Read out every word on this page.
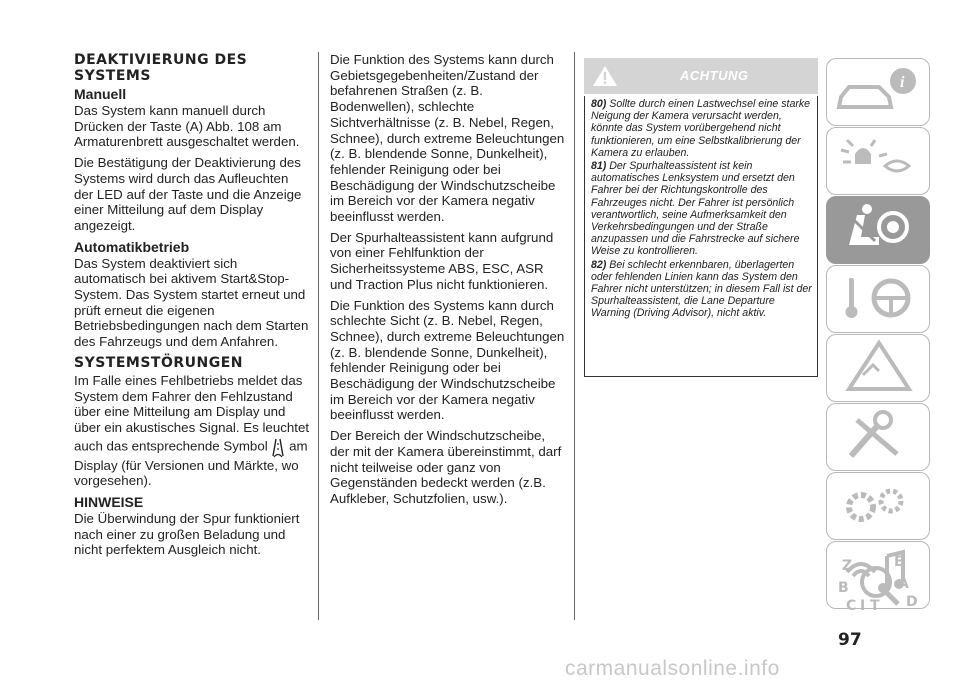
DEAKTIVIERUNG DES SYSTEMS
Manuell

Das System kann manuell durch Drücken der Taste (A) Abb. 108 am Armaturenbrett ausgeschaltet werden.

Die Bestätigung der Deaktivierung des Systems wird durch das Aufleuchten der LED auf der Taste und die Anzeige einer Mitteilung auf dem Display angezeigt.

Automatikbetrieb

Das System deaktiviert sich automatisch bei aktivem Start&Stop-System. Das System startet erneut und prüft erneut die eigenen Betriebsbedingungen nach dem Starten des Fahrzeugs und dem Anfahren.

SYSTEMSTÖRUNGEN

Im Falle eines Fehlbetriebs meldet das System dem Fahrer den Fehlzustand über eine Mitteilung am Display und über ein akustisches Signal. Es leuchtet auch das entsprechende Symbol am Display (für Versionen und Märkte, wo vorgesehen).

HINWEISE

Die Überwindung der Spur funktioniert nach einer zu großen Beladung und nicht perfektem Ausgleich nicht.

Die Funktion des Systems kann durch Gebietsgegebenheiten/Zustand der befahrenen Straßen (z. B. Bodenwellen), schlechte Sichtverhältnisse (z. B. Nebel, Regen, Schnee), durch extreme Beleuchtungen (z. B. blendende Sonne, Dunkelheit), fehlender Reinigung oder bei Beschädigung der Windschutzscheibe im Bereich vor der Kamera negativ beeinflusst werden.

Der Spurhalteassistent kann aufgrund von einer Fehlfunktion der Sicherheitssysteme ABS, ESC, ASR und Traction Plus nicht funktionieren.

Die Funktion des Systems kann durch schlechte Sicht (z. B. Nebel, Regen, Schnee), durch extreme Beleuchtungen (z. B. blendende Sonne, Dunkelheit), fehlender Reinigung oder bei Beschädigung der Windschutzscheibe im Bereich vor der Kamera negativ beeinflusst werden.

Der Bereich der Windschutzscheibe, der mit der Kamera übereinstimmt, darf nicht teilweise oder ganz von Gegenständen bedeckt werden (z.B. Aufkleber, Schutzfolien, usw.).

ACHTUNG

80) Sollte durch einen Lastwechsel eine starke Neigung der Kamera verursacht werden, könnte das System vorübergehend nicht funktionieren, um eine Selbstkalibrierung der Kamera zu erlauben.

81) Der Spurhalteassistent ist kein automatisches Lenksystem und ersetzt den Fahrer bei der Richtungskontrolle des Fahrzeuges nicht. Der Fahrer ist persönlich verantwortlich, seine Aufmerksamkeit den Verkehrsbedingungen und der Straße anzupassen und die Fahrstrecke auf sichere Weise zu kontrollieren.

82) Bei schlecht erkennbaren, überlagerten oder fehlenden Linien kann das System den Fahrer nicht unterstützen; in diesem Fall ist der Spurhalteassistent, die Lane Departure Warning (Driving Advisor), nicht aktiv.

i
Z	E
B	A
C T D
I
97
carmanualsonline.info
